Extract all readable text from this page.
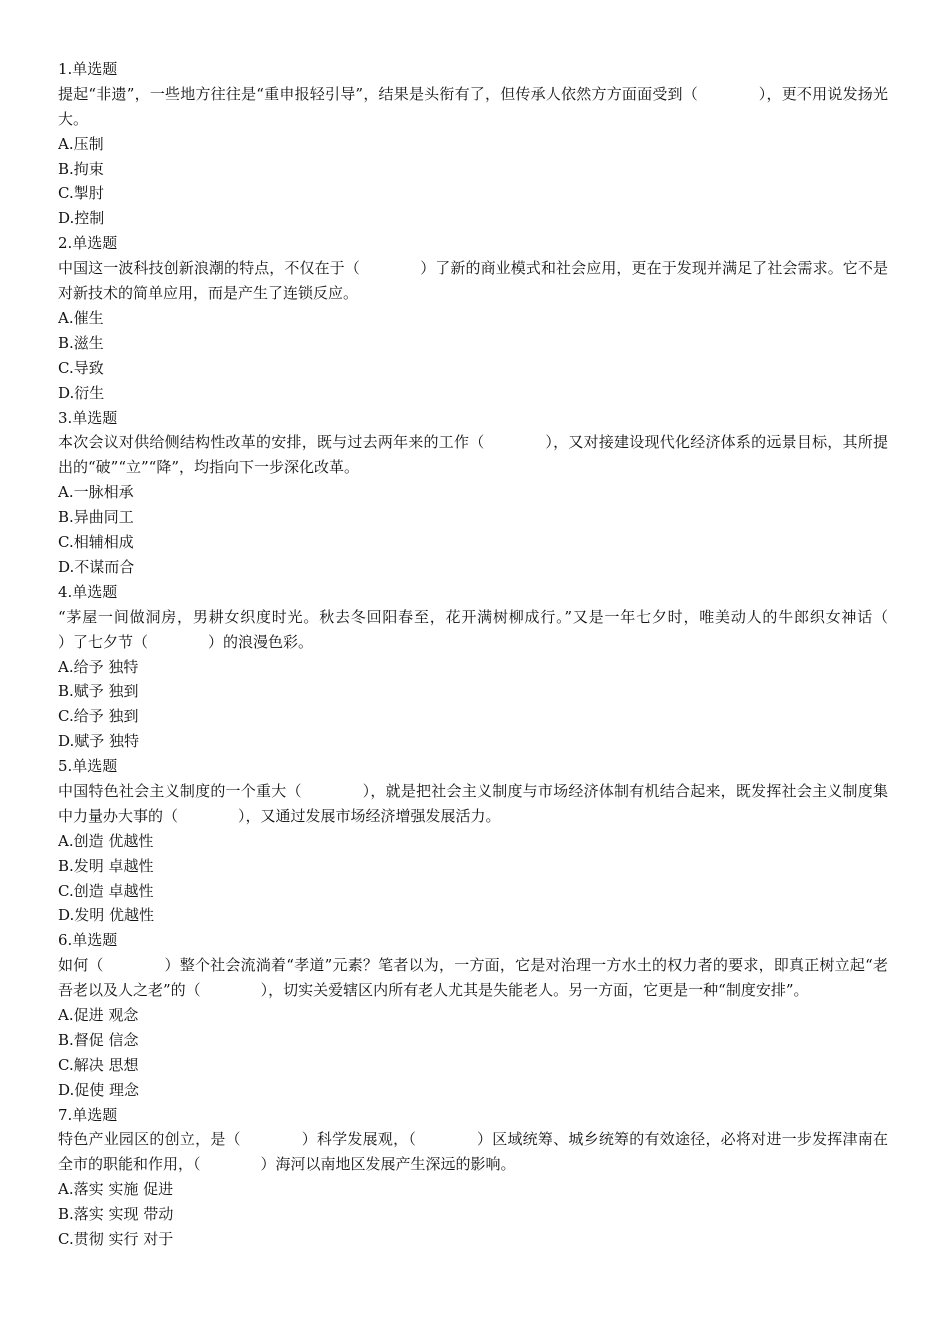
1.单选题
提起“非遗”，一些地方往往是“重申报轻引导”，结果是头衔有了，但传承人依然方方面面受到（　　　　），更不用说发扬光大。
A.压制
B.拘束
C.掣肘
D.控制
2.单选题
中国这一波科技创新浪潮的特点，不仅在于（　　　　）了新的商业模式和社会应用，更在于发现并满足了社会需求。它不是对新技术的简单应用，而是产生了连锁反应。
A.催生
B.滋生
C.导致
D.衍生
3.单选题
本次会议对供给侧结构性改革的安排，既与过去两年来的工作（　　　　），又对接建设现代化经济体系的远景目标，其所提出的“破”“立”“降”，均指向下一步深化改革。
A.一脉相承
B.异曲同工
C.相辅相成
D.不谋而合
4.单选题
“茅屋一间做洞房，男耕女织度时光。秋去冬回阳春至，花开满树柳成行。”又是一年七夕时，唯美动人的牛郎织女神话（　　　　）了七夕节（　　　　）的浪漫色彩。
A.给予 独特
B.赋予 独到
C.给予 独到
D.赋予 独特
5.单选题
中国特色社会主义制度的一个重大（　　　　），就是把社会主义制度与市场经济体制有机结合起来，既发挥社会主义制度集中力量办大事的（　　　　），又通过发展市场经济增强发展活力。
A.创造 优越性
B.发明 卓越性
C.创造 卓越性
D.发明 优越性
6.单选题
如何（　　　　）整个社会流淌着“孝道”元素？笔者以为，一方面，它是对治理一方水土的权力者的要求，即真正树立起“老吾老以及人之老”的（　　　　），切实关爱辖区内所有老人尤其是失能老人。另一方面，它更是一种“制度安排”。
A.促进 观念
B.督促 信念
C.解决 思想
D.促使 理念
7.单选题
特色产业园区的创立，是（　　　　）科学发展观，（　　　　）区域统筹、城乡统筹的有效途径，必将对进一步发挥津南在全市的职能和作用，（　　　　）海河以南地区发展产生深远的影响。
A.落实 实施 促进
B.落实 实现 带动
C.贯彻 实行 对于
